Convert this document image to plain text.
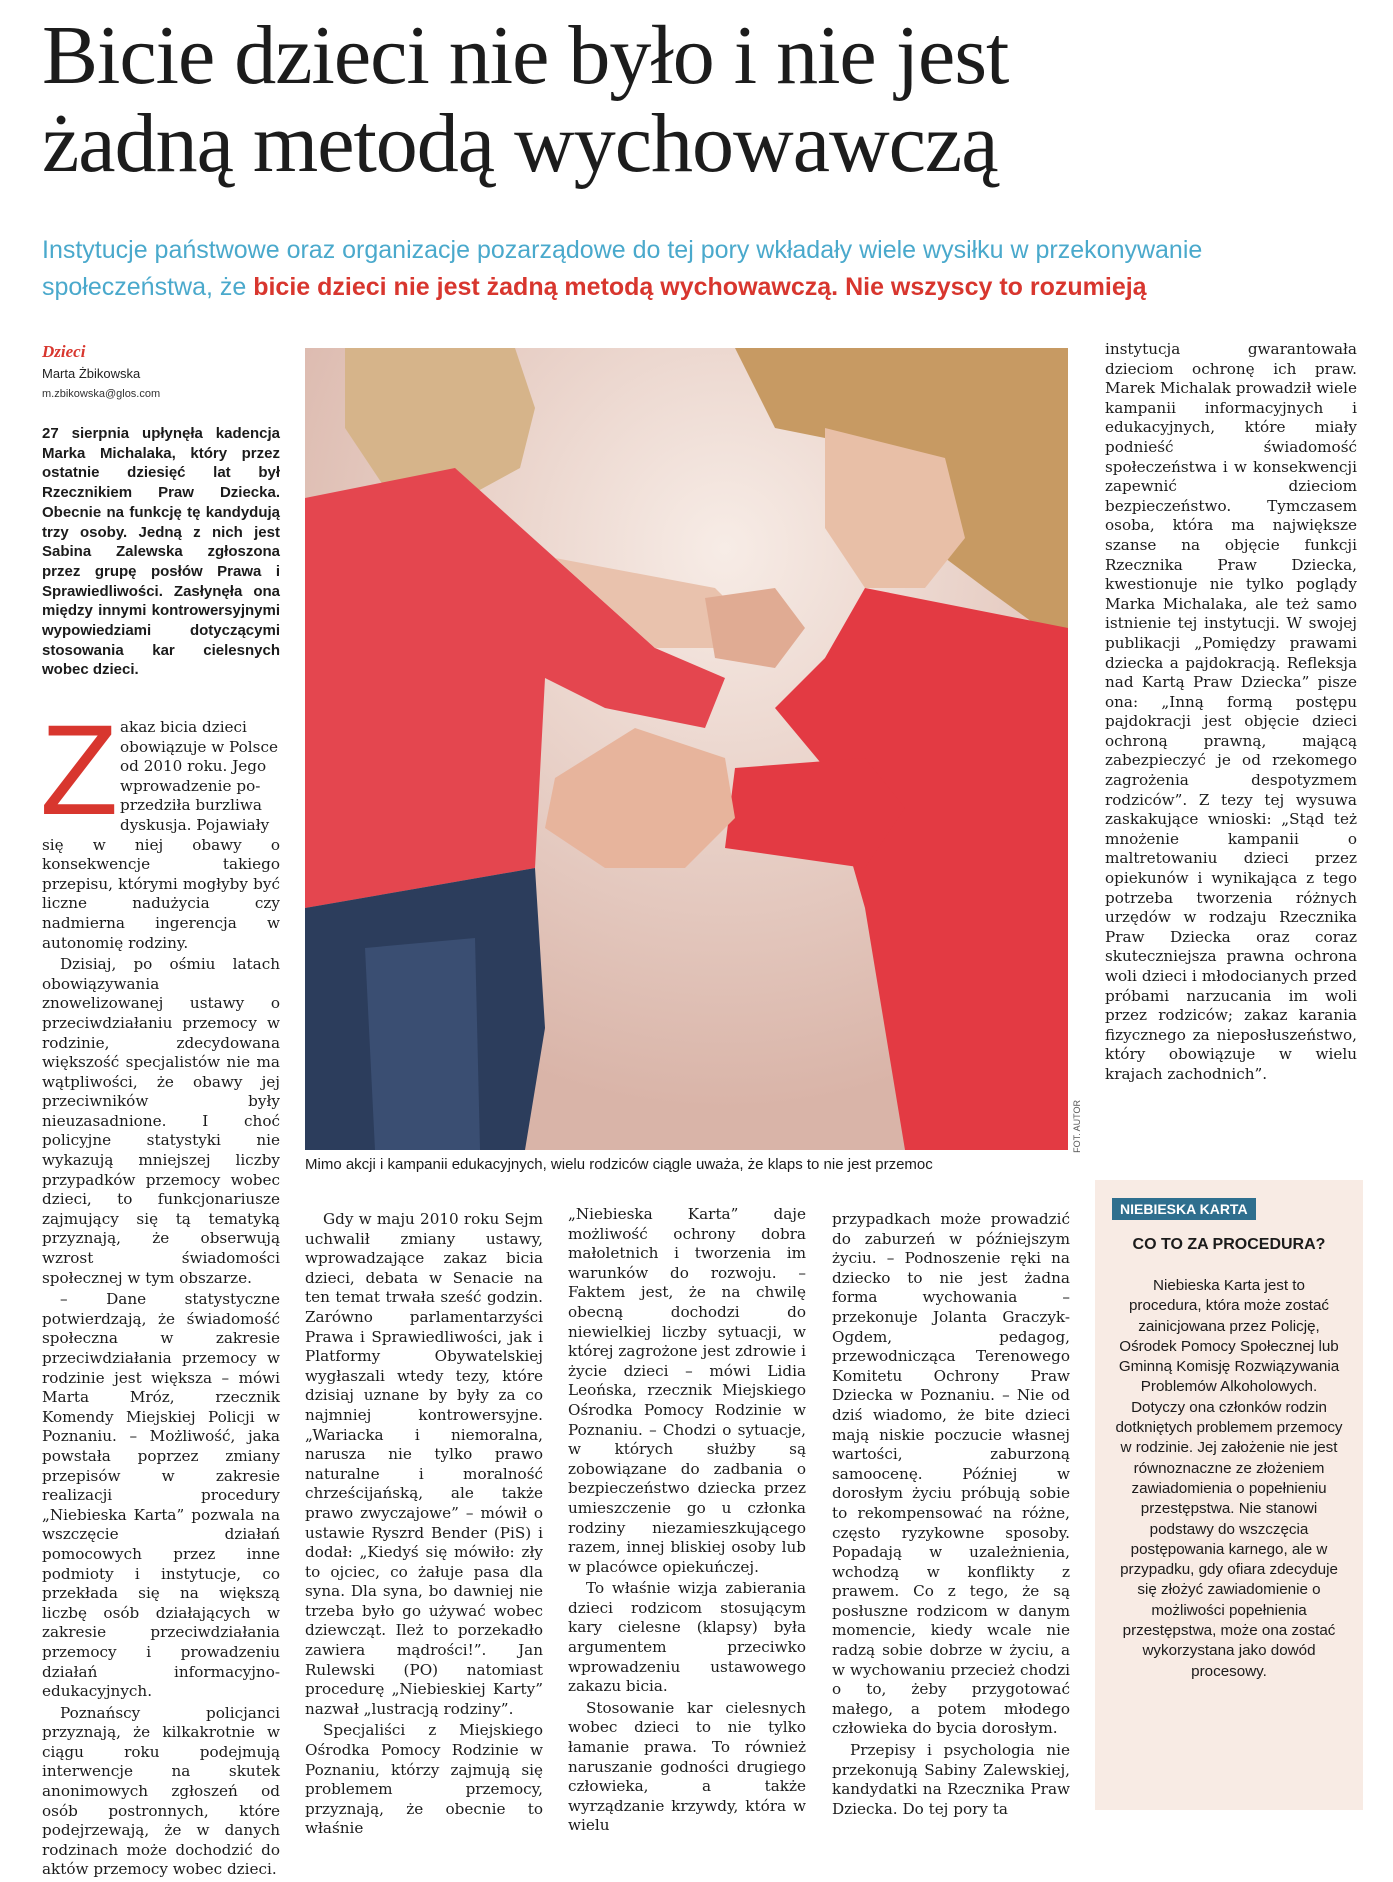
Bicie dzieci nie było i nie jest
żadną metodą wychowawczą
Instytucje państwowe oraz organizacje pozarządowe do tej pory wkładały wiele wysiłku w przekonywanie społeczeństwa, że bicie dzieci nie jest żadną metodą wychowawczą. Nie wszyscy to rozumieją
Dzieci
Marta Żbikowska
m.zbikowska@glos.com
27 sierpnia upłynęła kadencja Marka Michalaka, który przez ostatnie dziesięć lat był Rzecznikiem Praw Dziecka. Obecnie na funkcję tę kandydują trzy osoby. Jedną z nich jest Sabina Zalewska zgłoszona przez grupę posłów Prawa i Sprawiedliwości. Zasłynęła ona między innymi kontrowersyjnymi wypowiedziami dotyczącymi stosowania kar cielesnych wobec dzieci.
Z akaz bicia dzieci
obowiązuje w Polsce
od 2010 roku. Jego
wprowadzenie po-
przedziła burzliwa
dyskusja. Pojawiały

się w niej obawy o konsekwencje takiego przepisu, którymi mogłyby być liczne nadużycia czy nadmierna ingerencja w autonomię rodziny.

Dzisiaj, po ośmiu latach obowiązywania znowelizowanej ustawy o przeciwdziałaniu przemocy w rodzinie, zdecydowana większość specjalistów nie ma wątpliwości, że obawy jej przeciwników były nieuzasadnione. I choć policyjne statystyki nie wykazują mniejszej liczby przypadków przemocy wobec dzieci, to funkcjonariusze zajmujący się tą tematyką przyznają, że obserwują wzrost świadomości społecznej w tym obszarze.

– Dane statystyczne potwierdzają, że świadomość społeczna w zakresie przeciwdziałania przemocy w rodzinie jest większa – mówi Marta Mróz, rzecznik Komendy Miejskiej Policji w Poznaniu. – Możliwość, jaka powstała poprzez zmiany przepisów w zakresie realizacji procedury „Niebieska Karta” pozwala na wszczęcie działań pomocowych przez inne podmioty i instytucje, co przekłada się na większą liczbę osób działających w zakresie przeciwdziałania przemocy i prowadzeniu działań informacyjno-edukacyjnych.

Poznańscy policjanci przyznają, że kilkakrotnie w ciągu roku podejmują interwencje na skutek anonimowych zgłoszeń od osób postronnych, które podejrzewają, że w danych rodzinach może dochodzić do aktów przemocy wobec dzieci.

FOT. AUTOR
Mimo akcji i kampanii edukacyjnych, wielu rodziców ciągle uważa, że klaps to nie jest przemoc

instytucja gwarantowała dzieciom ochronę ich praw. Marek Michalak prowadził wiele kampanii informacyjnych i edukacyjnych, które miały podnieść świadomość społeczeństwa i w konsekwencji zapewnić dzieciom bezpieczeństwo. Tymczasem osoba, która ma największe szanse na objęcie funkcji Rzecznika Praw Dziecka, kwestionuje nie tylko poglądy Marka Michalaka, ale też samo istnienie tej instytucji. W swojej publikacji „Pomiędzy prawami dziecka a pajdokracją. Refleksja nad Kartą Praw Dziecka” pisze ona: „Inną formą postępu pajdokracji jest objęcie dzieci ochroną prawną, mającą zabezpieczyć je od rzekomego zagrożenia despotyzmem rodziców”. Z tezy tej wysuwa zaskakujące wnioski: „Stąd też mnożenie kampanii o maltretowaniu dzieci przez opiekunów i wynikająca z tego potrzeba tworzenia różnych urzędów w rodzaju Rzecznika Praw Dziecka oraz coraz skuteczniejsza prawna ochrona woli dzieci i młodocianych przed próbami narzucania im woli przez rodziców; zakaz karania fizycznego za nieposłuszeństwo, który obowiązuje w wielu krajach zachodnich”.

Gdy w maju 2010 roku Sejm uchwalił zmiany ustawy, wprowadzające zakaz bicia dzieci, debata w Senacie na ten temat trwała sześć godzin. Zarówno parlamentarzyści Prawa i Sprawiedliwości, jak i Platformy Obywatelskiej wygłaszali wtedy tezy, które dzisiaj uznane by były za co najmniej kontrowersyjne. „Wariacka i niemoralna, narusza nie tylko prawo naturalne i moralność chrześcijańską, ale także prawo zwyczajowe” – mówił o ustawie Ryszrd Bender (PiS) i dodał: „Kiedyś się mówiło: zły to ojciec, co żałuje pasa dla syna. Dla syna, bo dawniej nie trzeba było go używać wobec dziewcząt. Ileż to porzekadło zawiera mądrości!”. Jan Rulewski (PO) natomiast procedurę „Niebieskiej Karty” nazwał „lustracją rodziny”.

Specjaliści z Miejskiego Ośrodka Pomocy Rodzinie w Poznaniu, którzy zajmują się problemem przemocy, przyznają, że obecnie to właśnie

„Niebieska Karta” daje możliwość ochrony dobra małoletnich i tworzenia im warunków do rozwoju. – Faktem jest, że na chwilę obecną dochodzi do niewielkiej liczby sytuacji, w której zagrożone jest zdrowie i życie dzieci – mówi Lidia Leońska, rzecznik Miejskiego Ośrodka Pomocy Rodzinie w Poznaniu. – Chodzi o sytuacje, w których służby są zobowiązane do zadbania o bezpieczeństwo dziecka przez umieszczenie go u członka rodziny niezamieszkującego razem, innej bliskiej osoby lub w placówce opiekuńczej.

To właśnie wizja zabierania dzieci rodzicom stosującym kary cielesne (klapsy) była argumentem przeciwko wprowadzeniu ustawowego zakazu bicia.

Stosowanie kar cielesnych wobec dzieci to nie tylko łamanie prawa. To również naruszanie godności drugiego człowieka, a także wyrządzanie krzywdy, która w wielu

przypadkach może prowadzić do zaburzeń w późniejszym życiu. – Podnoszenie ręki na dziecko to nie jest żadna forma wychowania – przekonuje Jolanta Graczyk-Ogdem, pedagog, przewodnicząca Terenowego Komitetu Ochrony Praw Dziecka w Poznaniu. – Nie od dziś wiadomo, że bite dzieci mają niskie poczucie własnej wartości, zaburzoną samoocenę. Później w dorosłym życiu próbują sobie to rekompensować na różne, często ryzykowne sposoby. Popadają w uzależnienia, wchodzą w konflikty z prawem. Co z tego, że są posłuszne rodzicom w danym momencie, kiedy wcale nie radzą sobie dobrze w życiu, a w wychowaniu przecież chodzi o to, żeby przygotować małego, a potem młodego człowieka do bycia dorosłym.

Przepisy i psychologia nie przekonują Sabiny Zalewskiej, kandydatki na Rzecznika Praw Dziecka. Do tej pory ta

NIEBIESKA KARTA
CO TO ZA PROCEDURA?
Niebieska Karta jest to procedura, która może zostać zainicjowana przez Policję, Ośrodek Pomocy Społecznej lub Gminną Komisję Rozwiązywania Problemów Alkoholowych. Dotyczy ona członków rodzin dotkniętych problemem przemocy w rodzinie. Jej założenie nie jest równoznaczne ze złożeniem zawiadomienia o popełnieniu przestępstwa. Nie stanowi podstawy do wszczęcia postępowania karnego, ale w przypadku, gdy ofiara zdecyduje się złożyć zawiadomienie o możliwości popełnienia przestępstwa, może ona zostać wykorzystana jako dowód procesowy.
